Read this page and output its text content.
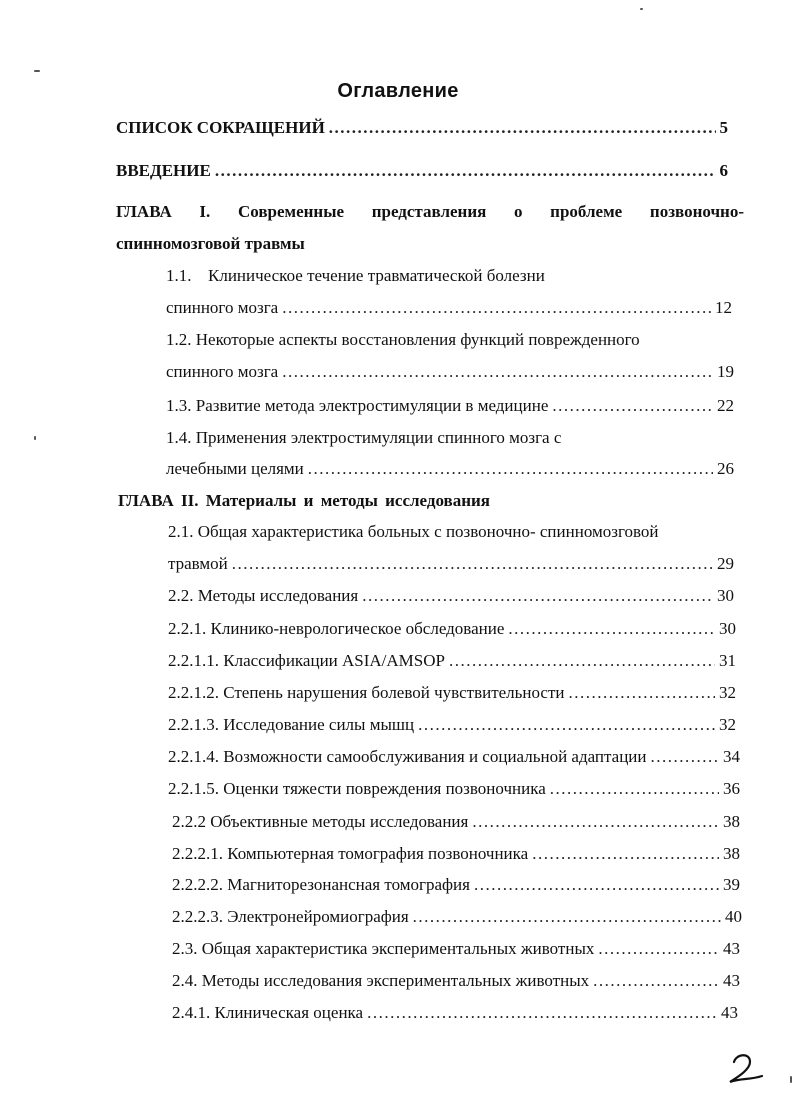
Оглавление
СПИСОК СОКРАЩЕНИЙ .....	5
ВВЕДЕНИЕ .....	6
ГЛАВА I. Современные представления о проблеме позвоночно-
спинномозговой травмы
1.1. Клиническое течение травматической болезни
спинного мозга .....	12
1.2. Некоторые аспекты восстановления функций поврежденного
спинного мозга .....	19
1.3. Развитие метода электростимуляции в медицине .....	22
1.4. Применения электростимуляции спинного мозга с
лечебными целями .....	26
ГЛАВА II. Материалы и методы исследования
2.1. Общая характеристика больных с позвоночно- спинномозговой
травмой .....	29
2.2. Методы исследования .....	30
2.2.1. Клинико-неврологическое обследование .....	30
2.2.1.1. Классификации ASIA/AMSOP .....	31
2.2.1.2. Степень нарушения болевой чувствительности .....	32
2.2.1.3. Исследование силы мышц .....	32
2.2.1.4. Возможности самообслуживания и социальной адаптации .....	34
2.2.1.5. Оценки тяжести повреждения позвоночника .....	36
2.2.2 Объективные методы исследования .....	38
2.2.2.1. Компьютерная томография позвоночника .....	38
2.2.2.2. Магнитoрезонансная томография .....	39
2.2.2.3. Электронейромиография .....	40
2.3. Общая характеристика экспериментальных животных .....	43
2.4. Методы исследования экспериментальных животных .....	43
2.4.1. Клиническая оценка .....	43
